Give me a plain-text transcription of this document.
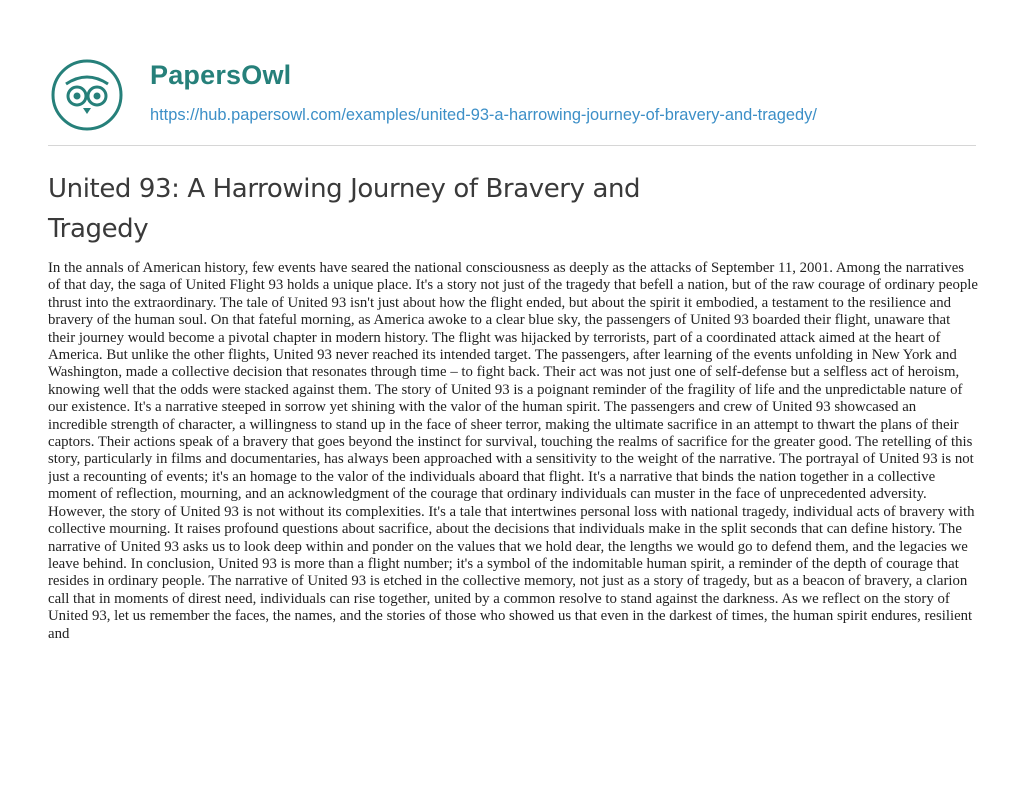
PapersOwl
https://hub.papersowl.com/examples/united-93-a-harrowing-journey-of-bravery-and-tragedy/
United 93: A Harrowing Journey of Bravery and Tragedy

In the annals of American history, few events have seared the national consciousness as deeply as the attacks of September 11, 2001. Among the narratives of that day, the saga of United Flight 93 holds a unique place. It's a story not just of the tragedy that befell a nation, but of the raw courage of ordinary people thrust into the extraordinary. The tale of United 93 isn't just about how the flight ended, but about the spirit it embodied, a testament to the resilience and bravery of the human soul. On that fateful morning, as America awoke to a clear blue sky, the passengers of United 93 boarded their flight, unaware that their journey would become a pivotal chapter in modern history. The flight was hijacked by terrorists, part of a coordinated attack aimed at the heart of America. But unlike the other flights, United 93 never reached its intended target. The passengers, after learning of the events unfolding in New York and Washington, made a collective decision that resonates through time – to fight back. Their act was not just one of self-defense but a selfless act of heroism, knowing well that the odds were stacked against them. The story of United 93 is a poignant reminder of the fragility of life and the unpredictable nature of our existence. It's a narrative steeped in sorrow yet shining with the valor of the human spirit. The passengers and crew of United 93 showcased an incredible strength of character, a willingness to stand up in the face of sheer terror, making the ultimate sacrifice in an attempt to thwart the plans of their captors. Their actions speak of a bravery that goes beyond the instinct for survival, touching the realms of sacrifice for the greater good. The retelling of this story, particularly in films and documentaries, has always been approached with a sensitivity to the weight of the narrative. The portrayal of United 93 is not just a recounting of events; it's an homage to the valor of the individuals aboard that flight. It's a narrative that binds the nation together in a collective moment of reflection, mourning, and an acknowledgment of the courage that ordinary individuals can muster in the face of unprecedented adversity. However, the story of United 93 is not without its complexities. It's a tale that intertwines personal loss with national tragedy, individual acts of bravery with collective mourning. It raises profound questions about sacrifice, about the decisions that individuals make in the split seconds that can define history. The narrative of United 93 asks us to look deep within and ponder on the values that we hold dear, the lengths we would go to defend them, and the legacies we leave behind. In conclusion, United 93 is more than a flight number; it's a symbol of the indomitable human spirit, a reminder of the depth of courage that resides in ordinary people. The narrative of United 93 is etched in the collective memory, not just as a story of tragedy, but as a beacon of bravery, a clarion call that in moments of direst need, individuals can rise together, united by a common resolve to stand against the darkness. As we reflect on the story of United 93, let us remember the faces, the names, and the stories of those who showed us that even in the darkest of times, the human spirit endures, resilient and
